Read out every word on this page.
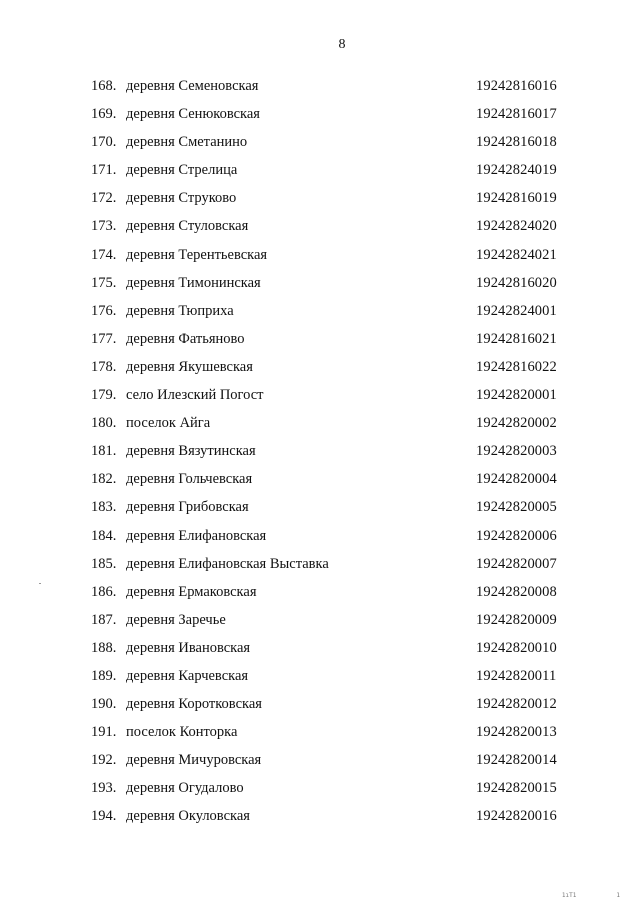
8
168. деревня Семеновская	19242816016
169. деревня Сенюковская	19242816017
170. деревня Сметанино	19242816018
171. деревня Стрелица	19242824019
172. деревня Струково	19242816019
173. деревня Стуловская	19242824020
174. деревня Терентьевская	19242824021
175. деревня Тимонинская	19242816020
176. деревня Тюприха	19242824001
177. деревня Фатьяново	19242816021
178. деревня Якушевская	19242816022
179. село Илезский Погост	19242820001
180. поселок Айга	19242820002
181. деревня Вязутинская	19242820003
182. деревня Гольчевская	19242820004
183. деревня Грибовская	19242820005
184. деревня Елифановская	19242820006
185. деревня Елифановская Выставка	19242820007
186. деревня Ермаковская	19242820008
187. деревня Заречье	19242820009
188. деревня Ивановская	19242820010
189. деревня Карчевская	19242820011
190. деревня Коротковская	19242820012
191. поселок Конторка	19242820013
192. деревня Мичуровская	19242820014
193. деревня Огудалово	19242820015
194. деревня Окуловская	19242820016
1ıT1	1
